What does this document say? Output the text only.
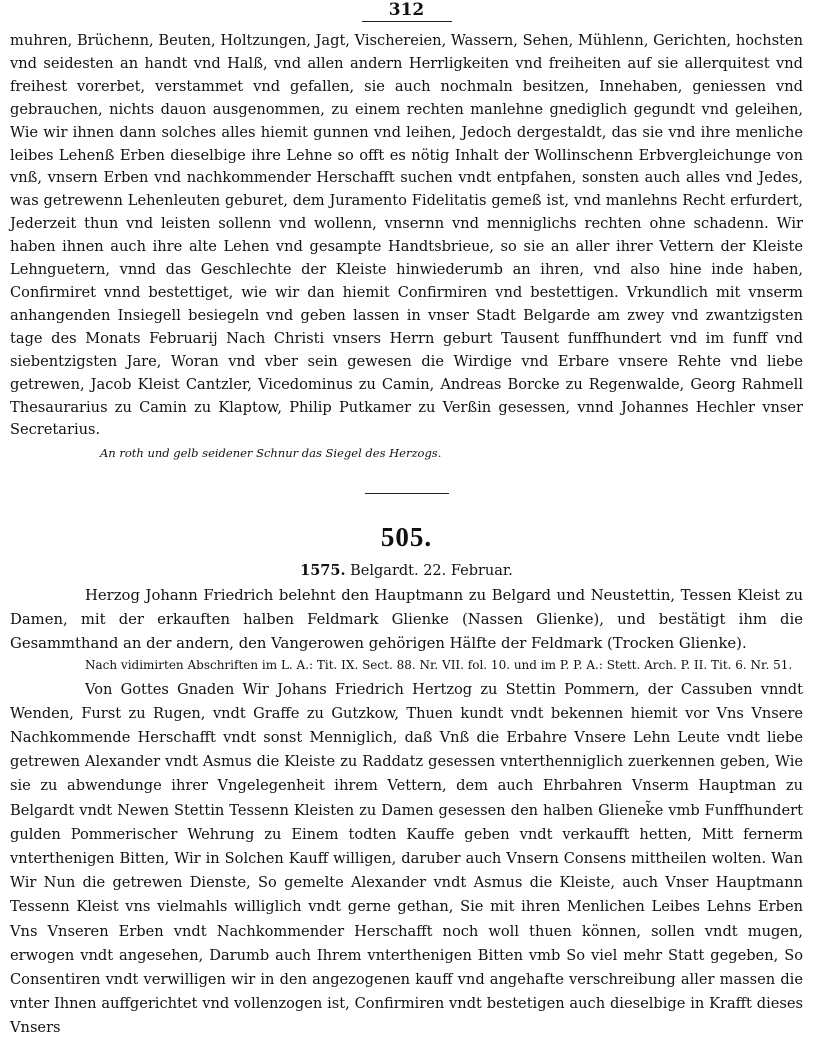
312

muhren, Brüchenn, Beuten, Holtzungen, Jagt, Vischereien, Wassern, Sehen, Mühlenn, Gerichten, hochsten vnd seidesten an handt vnd Halß, vnd allen andern Herrligkeiten vnd freiheiten auf sie allerquitest vnd freihest vorerbet, verstammet vnd gefallen, sie auch nochmaln besitzen, Innehaben, geniessen vnd gebrauchen, nichts dauon ausgenommen, zu einem rechten manlehne gnediglich gegundt vnd geleihen, Wie wir ihnen dann solches alles hiemit gunnen vnd leihen, Jedoch dergestaldt, das sie vnd ihre menliche leibes Lehenß Erben dieselbige ihre Lehne so offt es nötig Inhalt der Wollinschenn Erbvergleichunge von vnß, vnsern Erben vnd nachkommender Herschafft suchen vndt entpfahen, sonsten auch alles vnd Jedes, was getrewenn Lehenleuten geburet, dem Juramento Fidelitatis gemeß ist, vnd manlehns Recht erfurdert, Jederzeit thun vnd leisten sollenn vnd wollenn, vnsernn vnd menniglichs rechten ohne schadenn. Wir haben ihnen auch ihre alte Lehen vnd gesampte Handtsbrieue, so sie an aller ihrer Vettern der Kleiste Lehnguetern, vnnd das Geschlechte der Kleiste hinwiederumb an ihren, vnd also hine inde haben, Confirmiret vnnd bestettiget, wie wir dan hiemit Confirmiren vnd bestettigen. Vrkundlich mit vnserm anhangenden Insiegell besiegeln vnd geben lassen in vnser Stadt Belgarde am zwey vnd zwantzigsten tage des Monats Februarij Nach Christi vnsers Herrn geburt Tausent funffhundert vnd im funff vnd siebentzigsten Jare, Woran vnd vber sein gewesen die Wirdige vnd Erbare vnsere Rehte vnd liebe getrewen, Jacob Kleist Cantzler, Vicedominus zu Camin, Andreas Borcke zu Regenwalde, Georg Rahmell Thesaurarius zu Camin zu Klaptow, Philip Putkamer zu Verßin gesessen, vnnd Johannes Hechler vnser Secretarius.

An roth und gelb seidener Schnur das Siegel des Herzogs.
505.
1575. Belgardt. 22. Februar.

Herzog Johann Friedrich belehnt den Hauptmann zu Belgard und Neustettin, Tessen Kleist zu Damen, mit der erkauften halben Feldmark Glienke (Nassen Glienke), und bestätigt ihm die Gesammthand an der andern, den Vangerowen gehörigen Hälfte der Feldmark (Trocken Glienke).

Nach vidimirten Abschriften im L. A.: Tit. IX. Sect. 88. Nr. VII. fol. 10. und im P. P. A.: Stett. Arch. P. II. Tit. 6. Nr. 51.

Von Gottes Gnaden Wir Johans Friedrich Hertzog zu Stettin Pommern, der Cassuben vnndt Wenden, Furst zu Rugen, vndt Graffe zu Gutzkow, Thuen kundt vndt bekennen hiemit vor Vns Vnsere Nachkommende Herschafft vndt sonst Menniglich, daß Vnß die Erbahre Vnsere Lehn Leute vndt liebe getrewen Alexander vndt Asmus die Kleiste zu Raddatz gesessen vnterthenniglich zuerkennen geben, Wie sie zu abwendunge ihrer Vngelegenheit ihrem Vettern, dem auch Ehrbahren Vnserm Hauptman zu Belgardt vndt Newen Stettin Tessenn Kleisten zu Damen gesessen den halben Glienek̃e vmb Funffhundert gulden Pommerischer Wehrung zu Einem todten Kauffe geben vndt verkaufft hetten, Mitt fernerm vnterthenigen Bitten, Wir in Solchen Kauff willigen, daruber auch Vnsern Consens mittheilen wolten. Wan Wir Nun die getrewen Dienste, So gemelte Alexander vndt Asmus die Kleiste, auch Vnser Hauptmann Tessenn Kleist vns vielmahls williglich vndt gerne gethan, Sie mit ihren Menlichen Leibes Lehns Erben Vns Vnseren Erben vndt Nachkommender Herschafft noch woll thuen können, sollen vndt mugen, erwogen vndt angesehen, Darumb auch Ihrem vnterthenigen Bitten vmb So viel mehr Statt gegeben, So Consentiren vndt verwilligen wir in den angezogenen kauff vnd angehafte verschreibung aller massen die vnter Ihnen auffgerichtet vnd vollenzogen ist, Confirmiren vndt bestetigen auch dieselbige in Krafft dieses Vnsers
